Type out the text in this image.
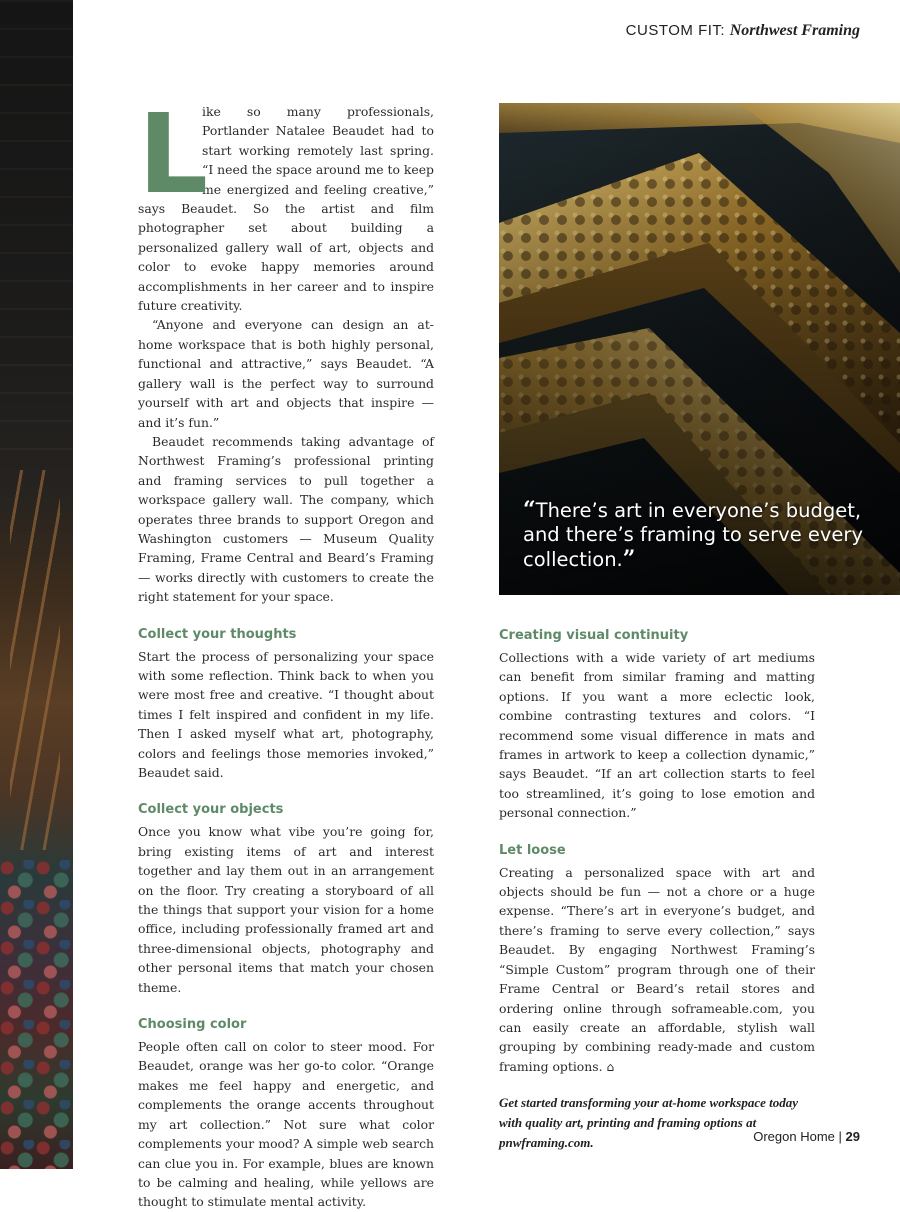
CUSTOM FIT: Northwest Framing

L
ike so many professionals, Portlander Natalee Beaudet had to start working remotely last spring. “I need the space around me to keep me energized and feeling creative,” says Beaudet. So the artist and film photographer set about building a personalized gallery wall of art, objects and color to evoke happy memories around accomplishments in her career and to inspire future creativity.

“Anyone and everyone can design an at-home workspace that is both highly personal, functional and attractive,” says Beaudet. “A gallery wall is the perfect way to surround yourself with art and objects that inspire — and it’s fun.”

Beaudet recommends taking advantage of Northwest Framing’s professional printing and framing services to pull together a workspace gallery wall. The company, which operates three brands to support Oregon and Washington customers — Museum Quality Framing, Frame Central and Beard’s Framing — works directly with customers to create the right statement for your space.

Collect your thoughts

Start the process of personalizing your space with some reflection. Think back to when you were most free and creative. “I thought about times I felt inspired and confident in my life. Then I asked myself what art, photography, colors and feelings those memories invoked,” Beaudet said.

Collect your objects

Once you know what vibe you’re going for, bring existing items of art and interest together and lay them out in an arrangement on the floor. Try creating a storyboard of all the things that support your vision for a home office, including professionally framed art and three-dimensional objects, photography and other personal items that match your chosen theme.

Choosing color

People often call on color to steer mood. For Beaudet, orange was her go-to color. “Orange makes me feel happy and energetic, and complements the orange accents throughout my art collection.” Not sure what color complements your mood? A simple web search can clue you in. For example, blues are known to be calming and healing, while yellows are thought to stimulate mental activity.

“There’s art in everyone’s budget, and there’s framing to serve every collection.”
Creating visual continuity

Collections with a wide variety of art mediums can benefit from similar framing and matting options. If you want a more eclectic look, combine contrasting textures and colors. “I recommend some visual difference in mats and frames in artwork to keep a collection dynamic,” says Beaudet. “If an art collection starts to feel too streamlined, it’s going to lose emotion and personal connection.”

Let loose

Creating a personalized space with art and objects should be fun — not a chore or a huge expense. “There’s art in everyone’s budget, and there’s framing to serve every collection,” says Beaudet. By engaging Northwest Framing’s “Simple Custom” program through one of their Frame Central or Beard’s retail stores and ordering online through soframeable.com, you can easily create an affordable, stylish wall grouping by combining ready-made and custom framing options. ⌂

Get started transforming your at-home workspace today with quality art, printing and framing options at pnwframing.com.	Oregon Home | 29
